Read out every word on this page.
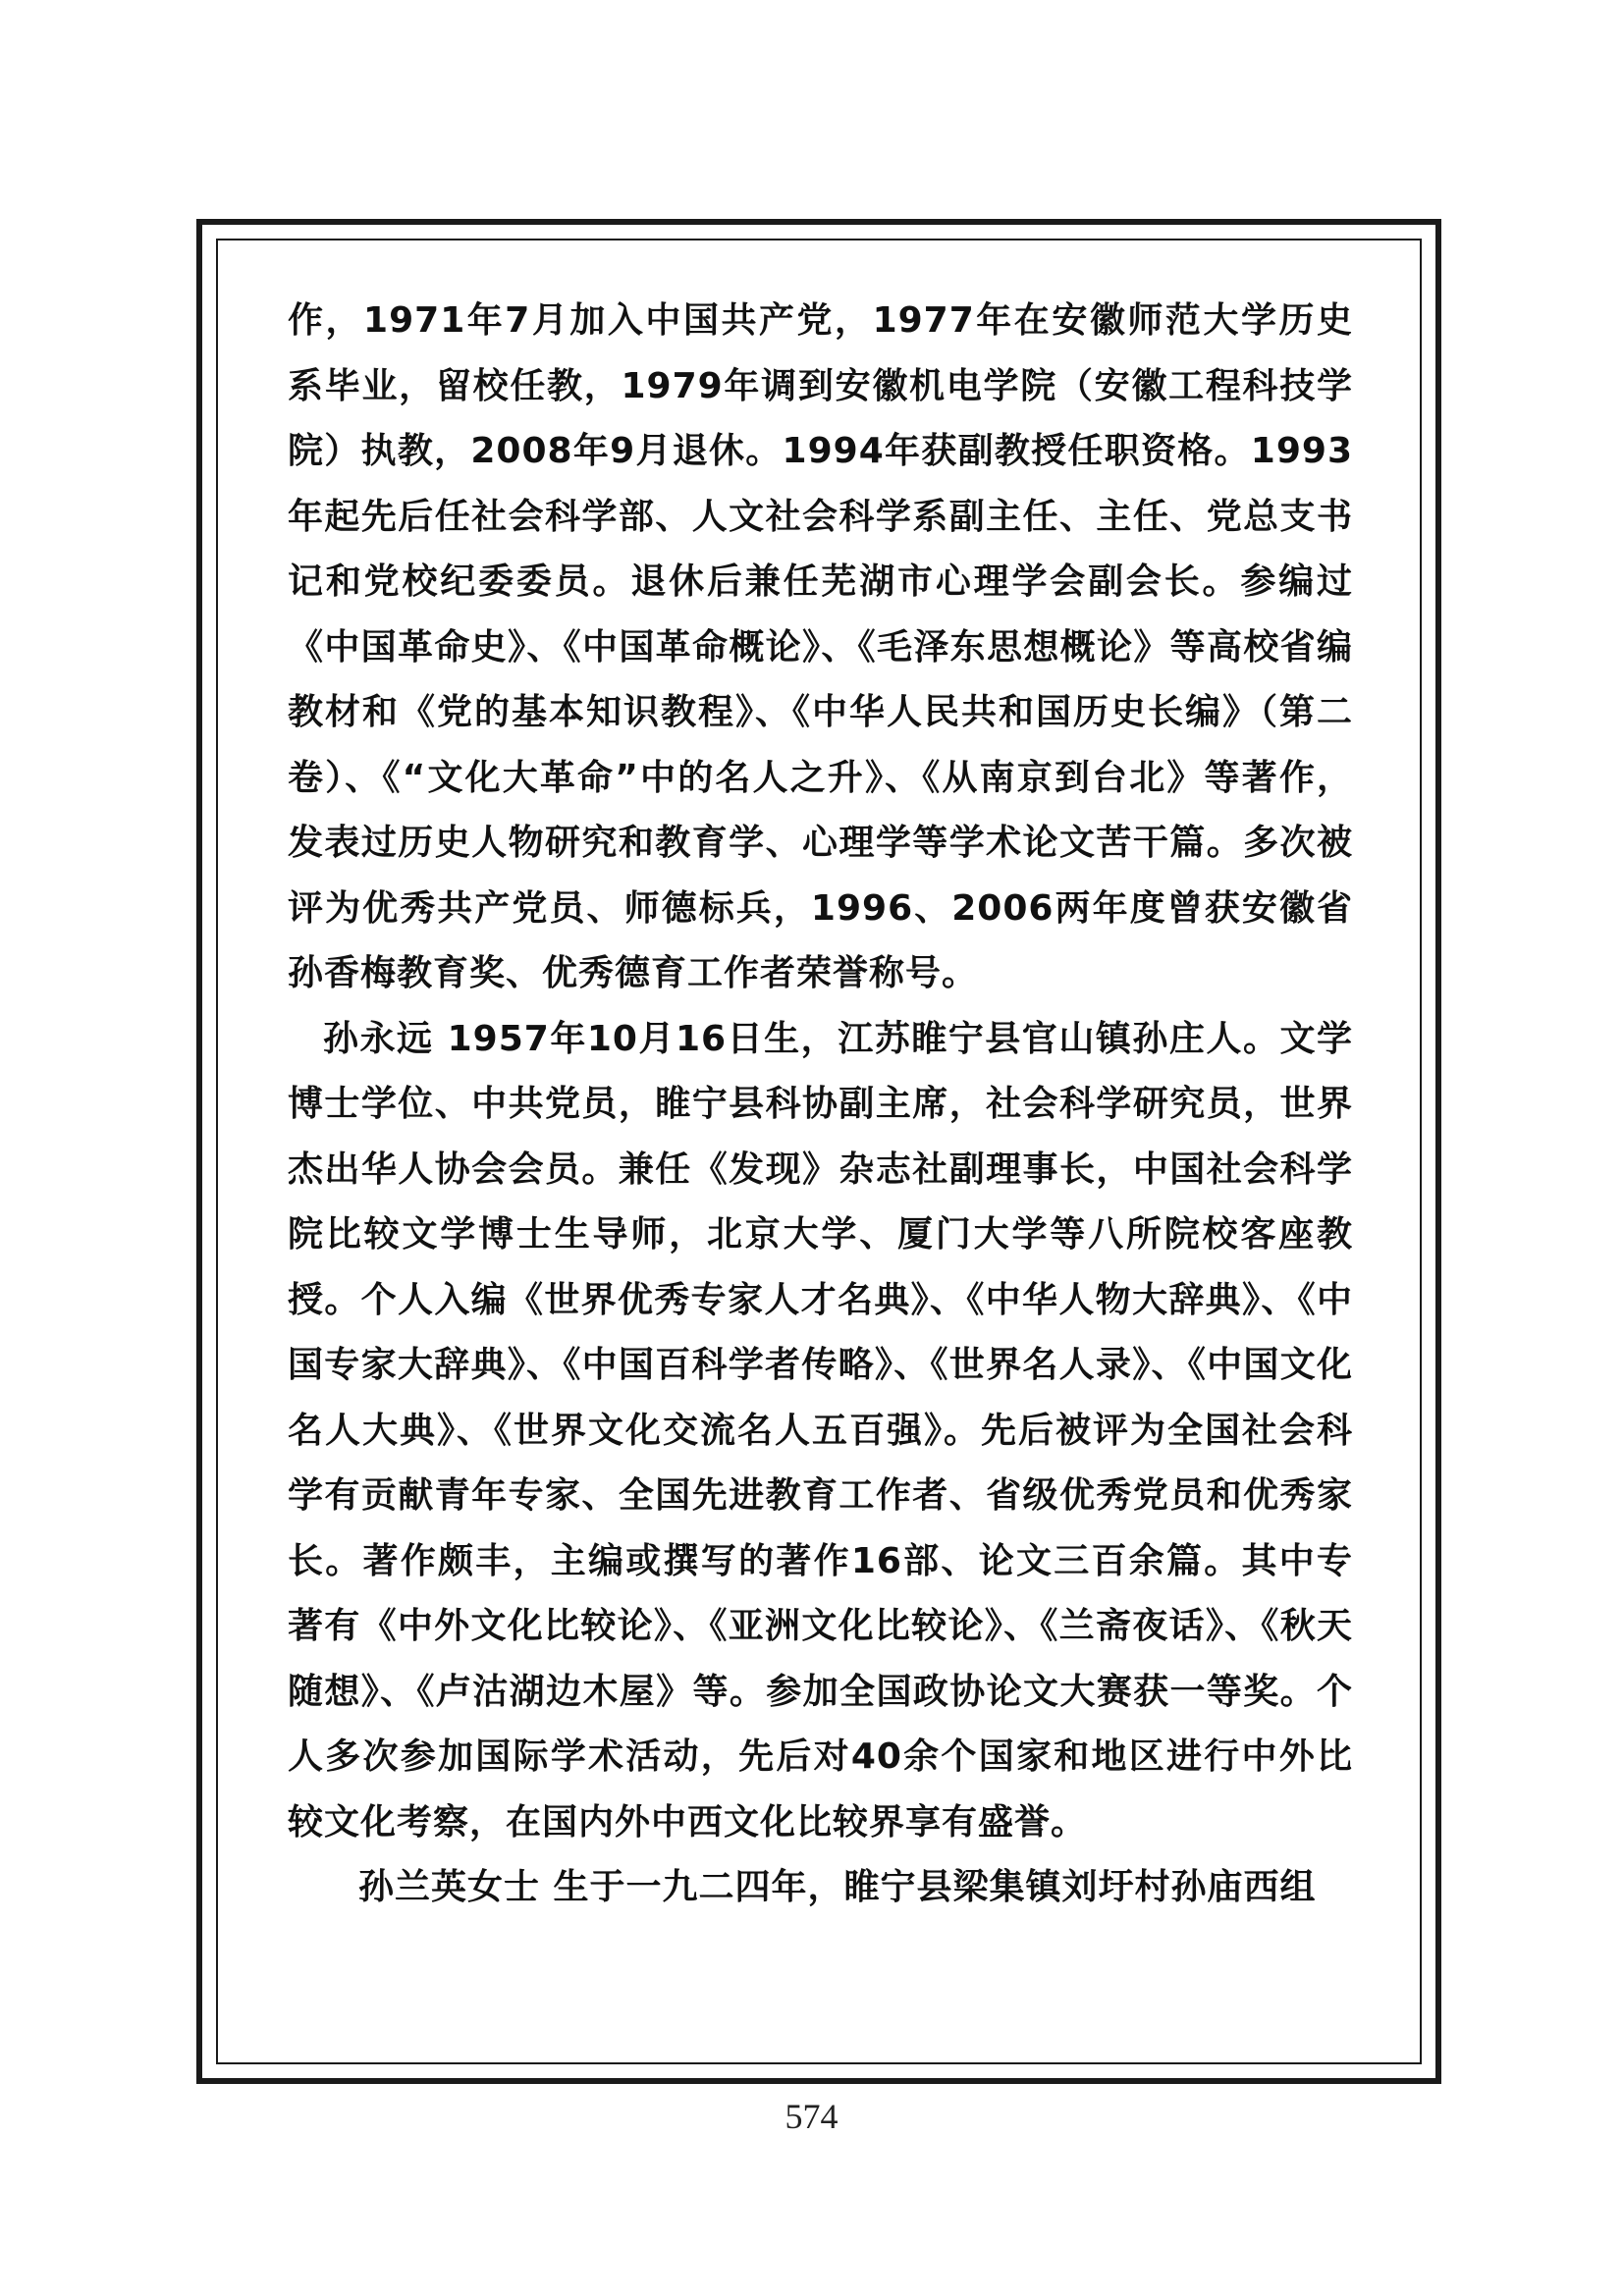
作，1971年7月加入中国共产党，1977年在安徽师范大学历史系毕业，留校任教，1979年调到安徽机电学院（安徽工程科技学院）执教，2008年9月退休。1994年获副教授任职资格。1993年起先后任社会科学部、人文社会科学系副主任、主任、党总支书记和党校纪委委员。退休后兼任芜湖市心理学会副会长。参编过《中国革命史》、《中国革命概论》、《毛泽东思想概论》等高校省编教材和《党的基本知识教程》、《中华人民共和国历史长编》（第二卷）、《“文化大革命”中的名人之升》、《从南京到台北》等著作，发表过历史人物研究和教育学、心理学等学术论文苦干篇。多次被评为优秀共产党员、师德标兵，1996、2006两年度曾获安徽省孙香梅教育奖、优秀德育工作者荣誉称号。

孙永远 1957年10月16日生，江苏睢宁县官山镇孙庄人。文学博士学位、中共党员，睢宁县科协副主席，社会科学研究员，世界杰出华人协会会员。兼任《发现》杂志社副理事长，中国社会科学院比较文学博士生导师，北京大学、厦门大学等八所院校客座教授。个人入编《世界优秀专家人才名典》、《中华人物大辞典》、《中国专家大辞典》、《中国百科学者传略》、《世界名人录》、《中国文化名人大典》、《世界文化交流名人五百强》。先后被评为全国社会科学有贡献青年专家、全国先进教育工作者、省级优秀党员和优秀家长。著作颇丰，主编或撰写的著作16部、论文三百余篇。其中专著有《中外文化比较论》、《亚洲文化比较论》、《兰斋夜话》、《秋天随想》、《卢沽湖边木屋》等。参加全国政协论文大赛获一等奖。个人多次参加国际学术活动，先后对40余个国家和地区进行中外比较文化考察，在国内外中西文化比较界享有盛誉。

孙兰英女士 生于一九二四年，睢宁县梁集镇刘圩村孙庙西组

574
